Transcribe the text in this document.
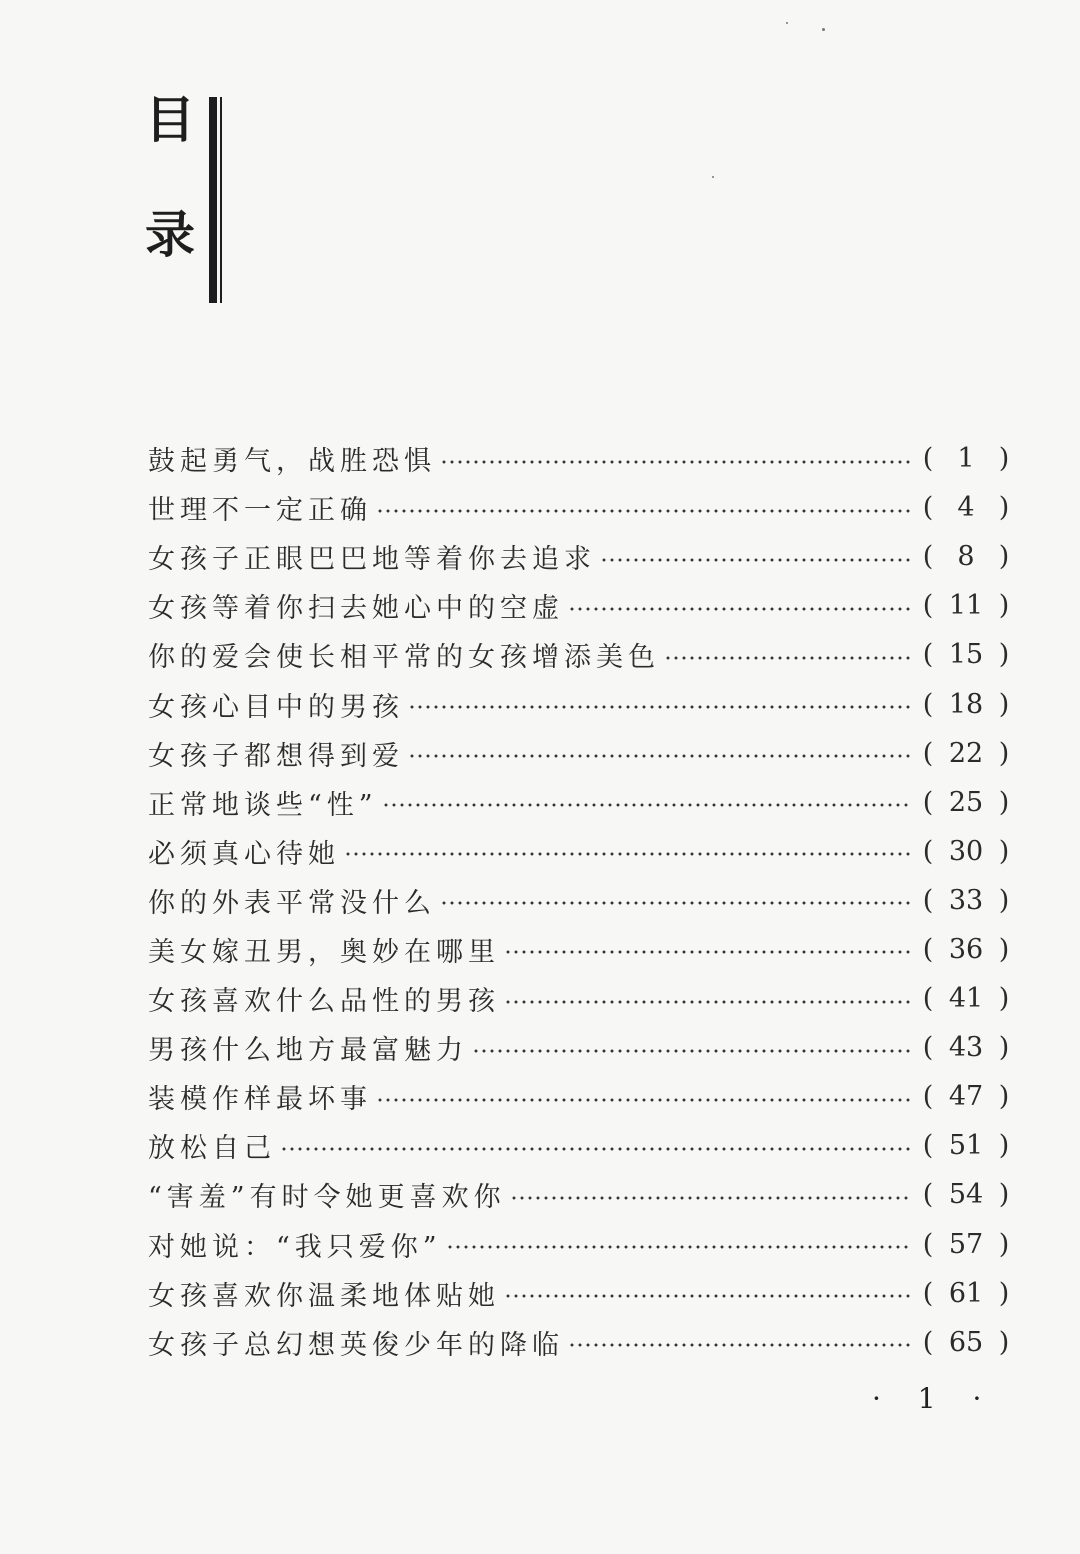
目
录
鼓起勇气，战胜恐惧	( 1 )
世理不一定正确	( 4 )
女孩子正眼巴巴地等着你去追求	( 8 )
女孩等着你扫去她心中的空虚	( 11 )
你的爱会使长相平常的女孩增添美色	( 15 )
女孩心目中的男孩	( 18 )
女孩子都想得到爱	( 22 )
正常地谈些“性”	( 25 )
必须真心待她	( 30 )
你的外表平常没什么	( 33 )
美女嫁丑男，奥妙在哪里	( 36 )
女孩喜欢什么品性的男孩	( 41 )
男孩什么地方最富魅力	( 43 )
装模作样最坏事	( 47 )
放松自己	( 51 )
“害羞”有时令她更喜欢你	( 54 )
对她说：“我只爱你”	( 57 )
女孩喜欢你温柔地体贴她	( 61 )
女孩子总幻想英俊少年的降临	( 65 )
· 1 ·
